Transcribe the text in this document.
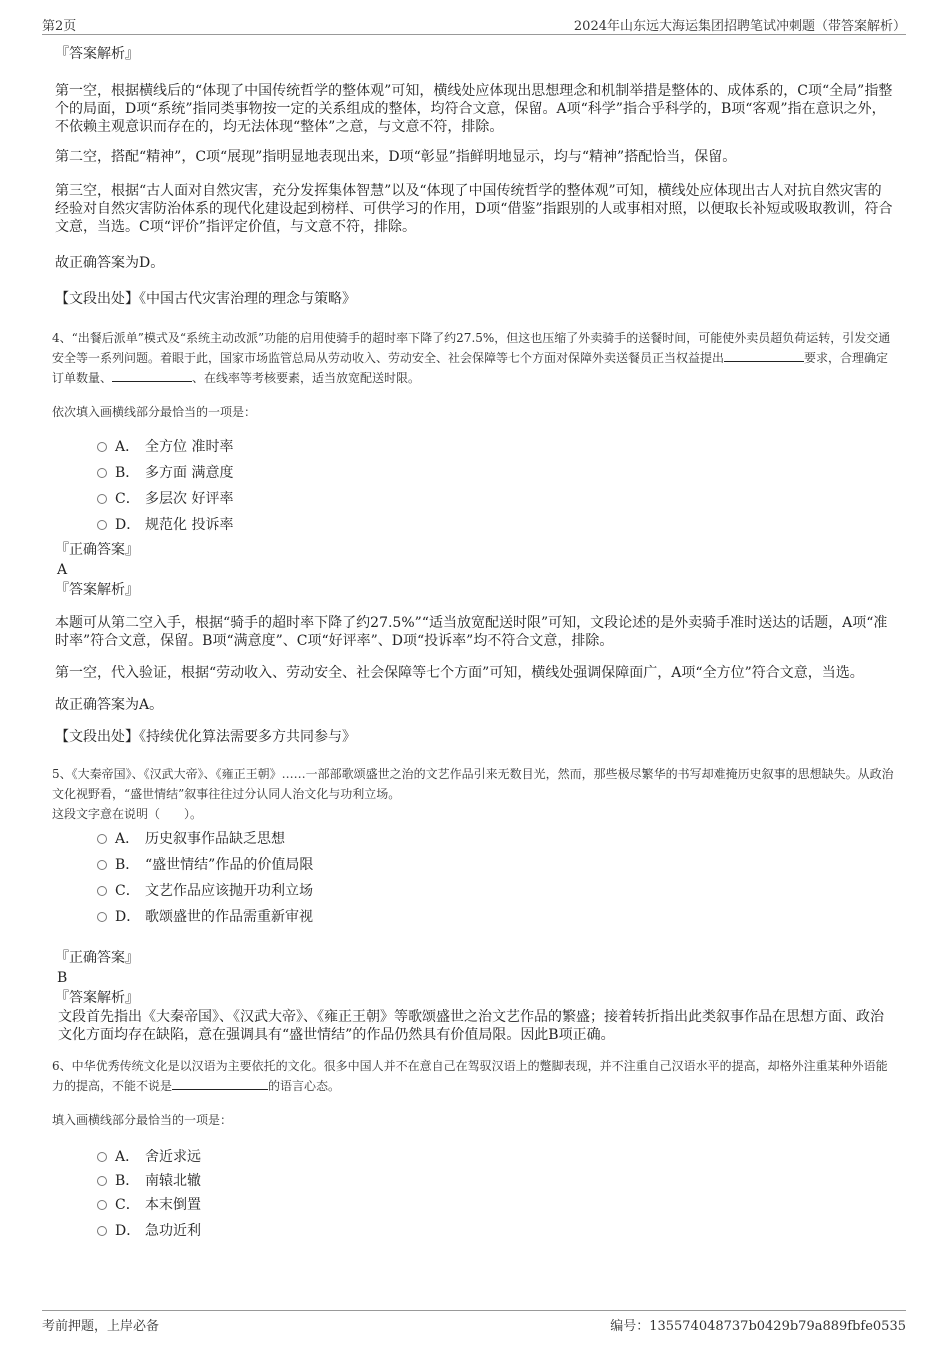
第2页	2024年山东远大海运集团招聘笔试冲刺题（带答案解析）

『答案解析』

第一空，根据横线后的“体现了中国传统哲学的整体观”可知，横线处应体现出思想理念和机制举措是整体的、成体系的，C项“全局”指整个的局面，D项“系统”指同类事物按一定的关系组成的整体，均符合文意，保留。A项“科学”指合乎科学的，B项“客观”指在意识之外，不依赖主观意识而存在的，均无法体现“整体”之意，与文意不符，排除。

第二空，搭配“精神”，C项“展现”指明显地表现出来，D项“彰显”指鲜明地显示，均与“精神”搭配恰当，保留。

第三空，根据“古人面对自然灾害，充分发挥集体智慧”以及“体现了中国传统哲学的整体观”可知，横线处应体现出古人对抗自然灾害的经验对自然灾害防治体系的现代化建设起到榜样、可供学习的作用，D项“借鉴”指跟别的人或事相对照，以便取长补短或吸取教训，符合文意，当选。C项“评价”指评定价值，与文意不符，排除。

故正确答案为D。

【文段出处】《中国古代灾害治理的理念与策略》

4、“出餐后派单”模式及“系统主动改派”功能的启用使骑手的超时率下降了约27.5%，但这也压缩了外卖骑手的送餐时间，可能使外卖员超负荷运转，引发交通安全等一系列问题。着眼于此，国家市场监管总局从劳动收入、劳动安全、社会保障等七个方面对保障外卖送餐员正当权益提出	要求，合理确定订单数量、	、在线率等考核要素，适当放宽配送时限。

依次填入画横线部分最恰当的一项是：

A． 全方位 准时率
B． 多方面 满意度
C． 多层次 好评率
D． 规范化 投诉率

『正确答案』

A

『答案解析』

本题可从第二空入手，根据“骑手的超时率下降了约27.5%”“适当放宽配送时限”可知，文段论述的是外卖骑手准时送达的话题，A项“准时率”符合文意，保留。B项“满意度”、C项“好评率”、D项“投诉率”均不符合文意，排除。

第一空，代入验证，根据“劳动收入、劳动安全、社会保障等七个方面”可知，横线处强调保障面广，A项“全方位”符合文意，当选。

故正确答案为A。

【文段出处】《持续优化算法需要多方共同参与》

5、《大秦帝国》、《汉武大帝》、《雍正王朝》……一部部歌颂盛世之治的文艺作品引来无数目光，然而，那些极尽繁华的书写却难掩历史叙事的思想缺失。从政治文化视野看，“盛世情结”叙事往往过分认同人治文化与功利立场。

这段文字意在说明（　　）。

A． 历史叙事作品缺乏思想
B． “盛世情结”作品的价值局限
C． 文艺作品应该抛开功利立场
D． 歌颂盛世的作品需重新审视

『正确答案』

B

『答案解析』

文段首先指出《大秦帝国》、《汉武大帝》、《雍正王朝》等歌颂盛世之治文艺作品的繁盛；接着转折指出此类叙事作品在思想方面、政治文化方面均存在缺陷，意在强调具有“盛世情结”的作品仍然具有价值局限。因此B项正确。

6、中华优秀传统文化是以汉语为主要依托的文化。很多中国人并不在意自己在驾驭汉语上的蹩脚表现，并不注重自己汉语水平的提高，却格外注重某种外语能力的提高，不能不说是	的语言心态。

填入画横线部分最恰当的一项是：

A． 舍近求远
B． 南辕北辙
C． 本末倒置
D． 急功近利
考前押题，上岸必备	编号：135574048737b0429b79a889fbfe0535
